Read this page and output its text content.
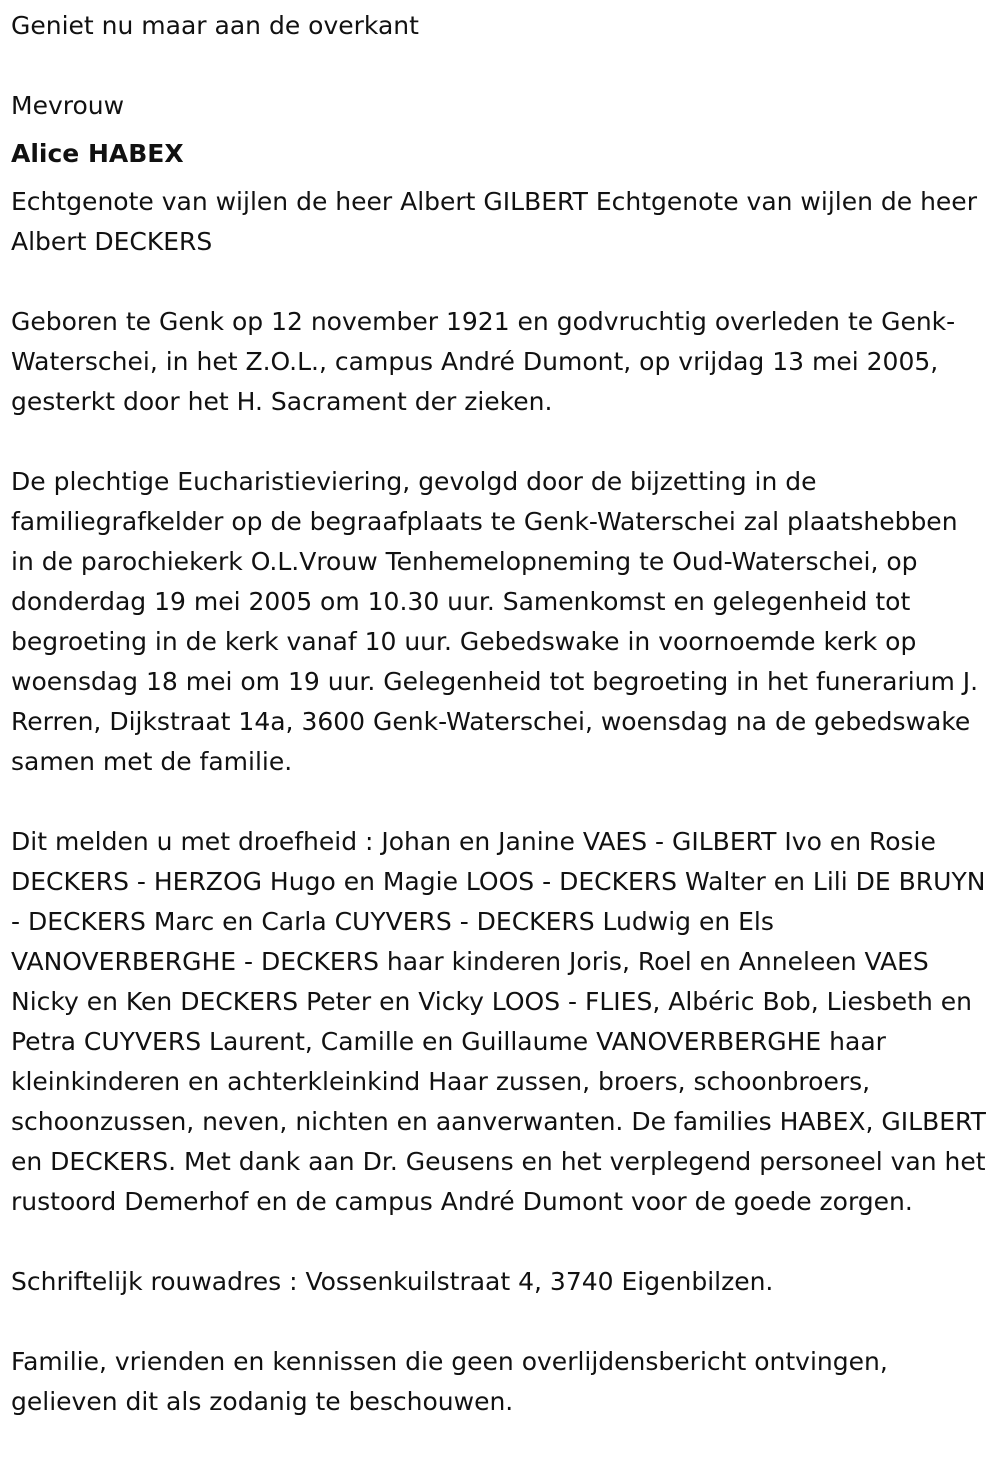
Geniet nu maar aan de overkant

Mevrouw

Alice HABEX

Echtgenote van wijlen de heer Albert GILBERT Echtgenote van wijlen de heer Albert DECKERS

Geboren te Genk op 12 november 1921 en godvruchtig overleden te Genk-Waterschei, in het Z.O.L., campus André Dumont, op vrijdag 13 mei 2005, gesterkt door het H. Sacrament der zieken.

De plechtige Eucharistieviering, gevolgd door de bijzetting in de familiegrafkelder op de begraafplaats te Genk-Waterschei zal plaatshebben in de parochiekerk O.L.Vrouw Tenhemelopneming te Oud-Waterschei, op donderdag 19 mei 2005 om 10.30 uur. Samenkomst en gelegenheid tot begroeting in de kerk vanaf 10 uur. Gebedswake in voornoemde kerk op woensdag 18 mei om 19 uur. Gelegenheid tot begroeting in het funerarium J. Rerren, Dijkstraat 14a, 3600 Genk-Waterschei, woensdag na de gebedswake samen met de familie.

Dit melden u met droefheid : Johan en Janine VAES - GILBERT Ivo en Rosie DECKERS - HERZOG Hugo en Magie LOOS - DECKERS Walter en Lili DE BRUYN - DECKERS Marc en Carla CUYVERS - DECKERS Ludwig en Els VANOVERBERGHE - DECKERS haar kinderen Joris, Roel en Anneleen VAES Nicky en Ken DECKERS Peter en Vicky LOOS - FLIES, Albéric Bob, Liesbeth en Petra CUYVERS Laurent, Camille en Guillaume VANOVERBERGHE haar kleinkinderen en achterkleinkind Haar zussen, broers, schoonbroers, schoonzussen, neven, nichten en aanverwanten. De families HABEX, GILBERT en DECKERS. Met dank aan Dr. Geusens en het verplegend personeel van het rustoord Demerhof en de campus André Dumont voor de goede zorgen.

Schriftelijk rouwadres : Vossenkuilstraat 4, 3740 Eigenbilzen.

Familie, vrienden en kennissen die geen overlijdensbericht ontvingen, gelieven dit als zodanig te beschouwen.
